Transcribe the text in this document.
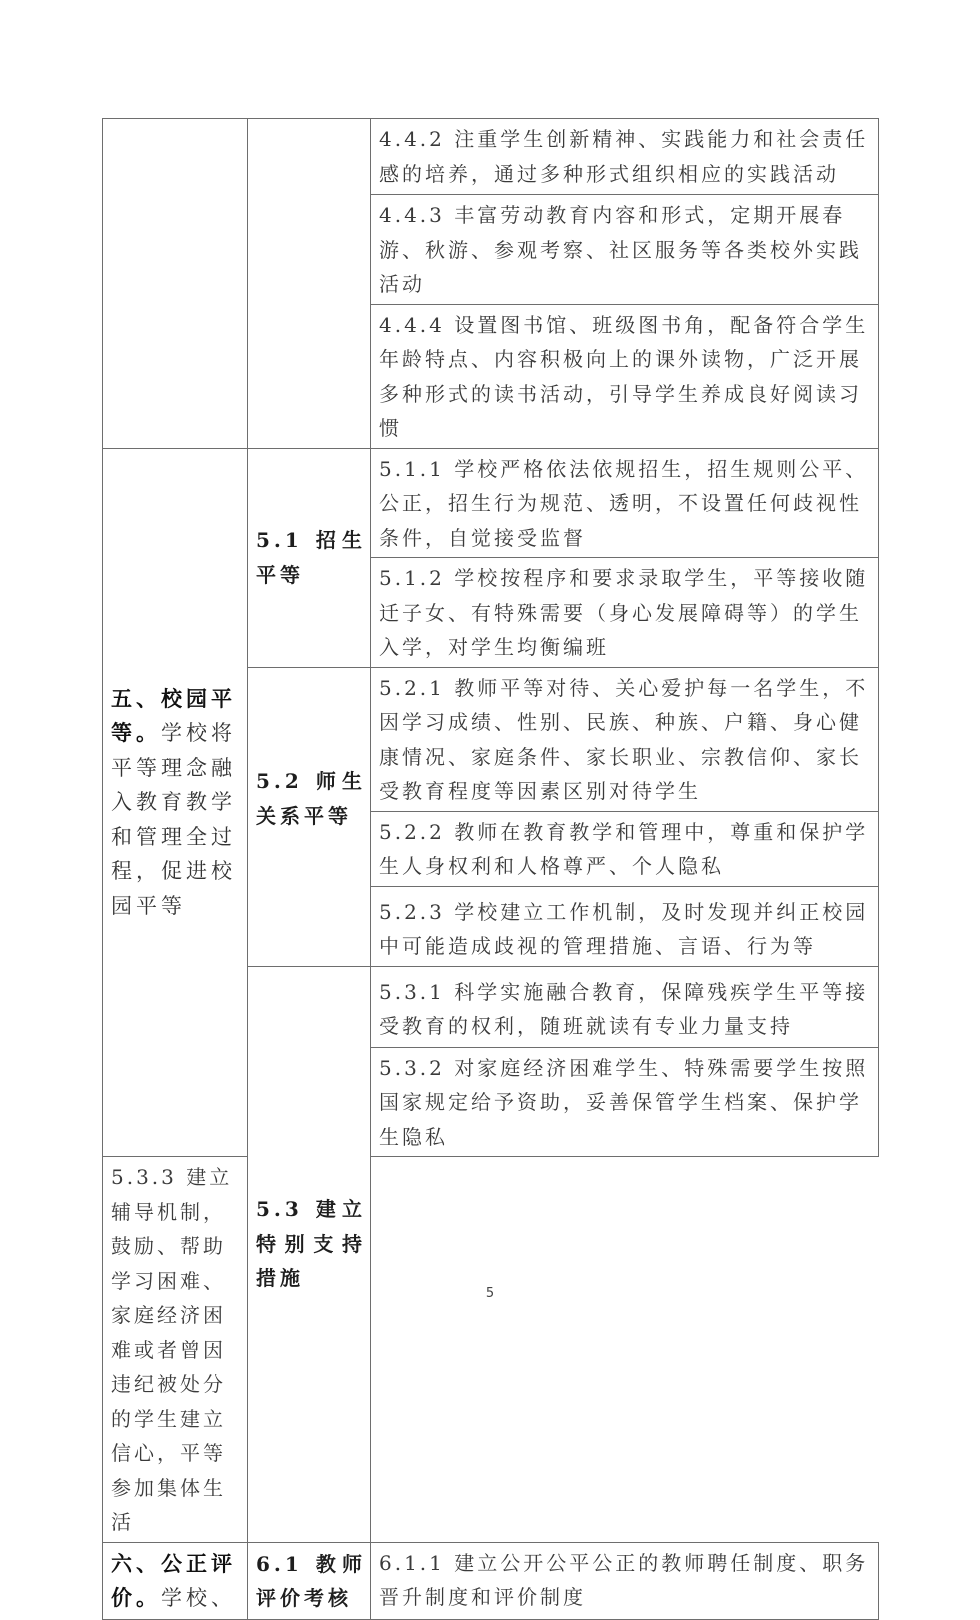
		4.4.2 注重学生创新精神、实践能力和社会责任感的培养，通过多种形式组织相应的实践活动

		4.4.3 丰富劳动教育内容和形式，定期开展春游、秋游、参观考察、社区服务等各类校外实践活动

		4.4.4 设置图书馆、班级图书角，配备符合学生年龄特点、内容积极向上的课外读物，广泛开展多种形式的读书活动，引导学生养成良好阅读习惯

五、校园平等。学校将平等理念融入教育教学和管理全过程，促进校园平等	5.1 招生平等	5.1.1 学校严格依法依规招生，招生规则公平、公正，招生行为规范、透明，不设置任何歧视性条件，自觉接受监督

		5.1.2 学校按程序和要求录取学生，平等接收随迁子女、有特殊需要（身心发展障碍等）的学生入学，对学生均衡编班

	5.2 师生关系平等	5.2.1 教师平等对待、关心爱护每一名学生，不因学习成绩、性别、民族、种族、户籍、身心健康情况、家庭条件、家长职业、宗教信仰、家长受教育程度等因素区别对待学生

		5.2.2 教师在教育教学和管理中，尊重和保护学生人身权利和人格尊严、个人隐私

		5.2.3 学校建立工作机制，及时发现并纠正校园中可能造成歧视的管理措施、言语、行为等

	5.3 建立特别支持措施	5.3.1 科学实施融合教育，保障残疾学生平等接受教育的权利，随班就读有专业力量支持

		5.3.2 对家庭经济困难学生、特殊需要学生按照国家规定给予资助，妥善保管学生档案、保护学生隐私

5.3.3 建立辅导机制，鼓励、帮助学习困难、家庭经济困难或者曾因违纪被处分的学生建立信心，平等参加集体生活		

六、公正评价。学校、	6.1 教师评价考核	6.1.1 建立公开公平公正的教师聘任制度、职务晋升制度和评价制度
5
